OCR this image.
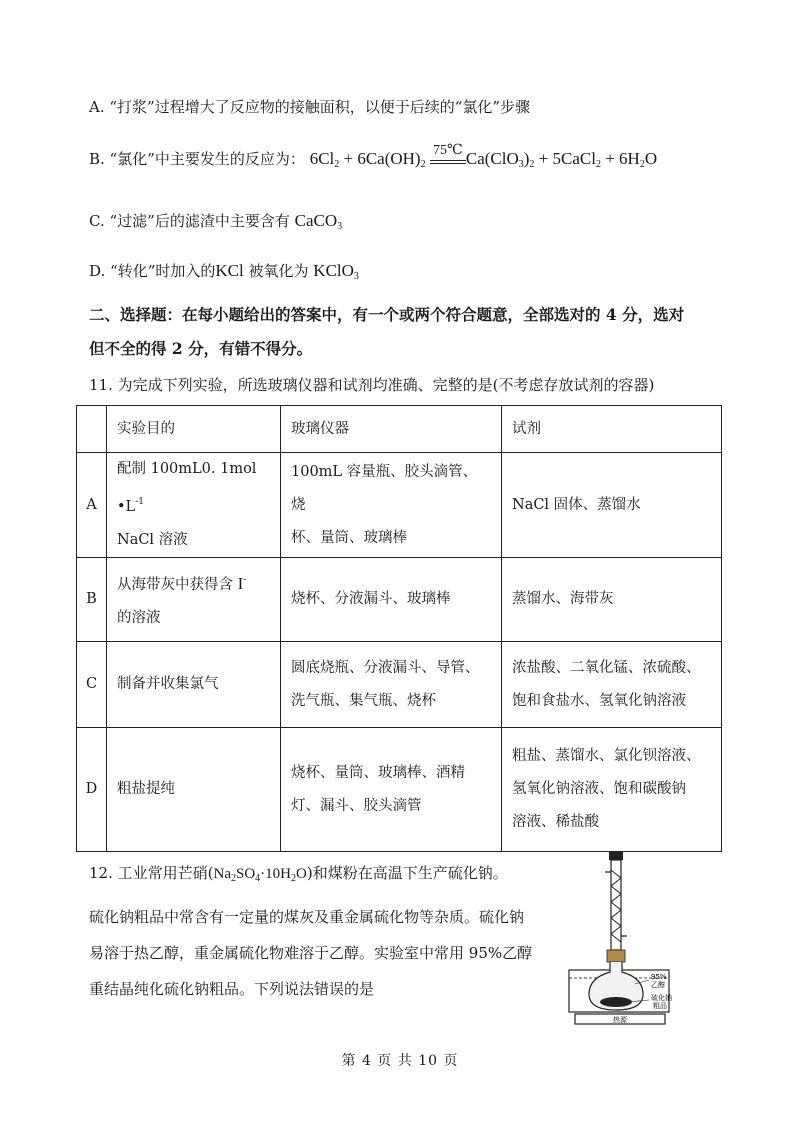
A. “打浆”过程增大了反应物的接触面积，以便于后续的“氯化”步骤
B. “氯化”中主要发生的反应为： $6Cl_2 + 6Ca(OH)_2$
75℃ $Ca(ClO_3)_2$ + 5CaCl$_2$ + $6H_2O$
C. “过滤”后的滤渣中主要含有 CaCO$_3$
D. “转化”时加入的KCl 被氧化为 KClO$_3$
二、选择题：在每小题给出的答案中，有一个或两个符合题意，全部选对的 4 分，选对
但不全的得 2 分，有错不得分。
11. 为完成下列实验，所选玻璃仪器和试剂均准确、完整的是(不考虑存放试剂的容器)
	实验目的	玻璃仪器	试剂
A	配制 100mL0. 1mol $•L^{-1}$
NaCl 溶液	100mL 容量瓶、胶头滴管、烧
杯、量筒、玻璃棒	NaCl 固体、蒸馏水
B	从海带灰中获得含 I-
的溶液	烧杯、分液漏斗、玻璃棒	蒸馏水、海带灰
C	制备并收集氯气	圆底烧瓶、分液漏斗、导管、
洗气瓶、集气瓶、烧杯	浓盐酸、二氧化锰、浓硫酸、
饱和食盐水、氢氧化钠溶液
D	粗盐提纯	烧杯、量筒、玻璃棒、酒精
灯、漏斗、胶头滴管	粗盐、蒸馏水、氯化钡溶液、
氢氧化钠溶液、饱和碳酸钠
溶液、稀盐酸
12. 工业常用芒硝$(Na_2SO_4\cdot 10H_2O)$和煤粉在高温下生产硫化钠。
硫化钠粗品中常含有一定量的煤灰及重金属硫化物等杂质。硫化钠
易溶于热乙醇，重金属硫化物难溶于乙醇。实验室中常用 95%乙醇
重结晶纯化硫化钠粗品。下列说法错误的是
95%
乙醇
硫化钠
粗品
热源
第 4 页 共 10 页
